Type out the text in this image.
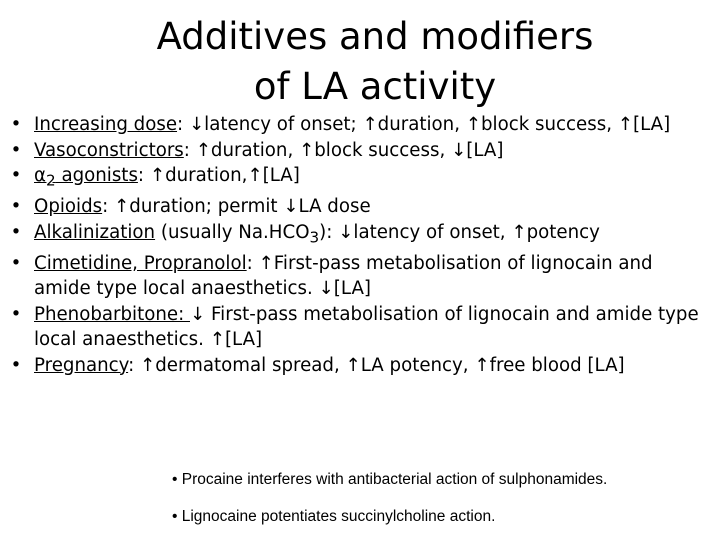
Additives and modifiers
of LA activity
• Increasing dose: ↓latency of onset; ↑duration, ↑block success, ↑[LA]
• Vasoconstrictors: ↑duration, ↑block success, ↓[LA]
• $\alpha_2$ agonists: ↑duration,↑[LA]
• Opioids: ↑duration; permit ↓LA dose
• Alkalinization (usually $Na.HCO_3$): ↓latency of onset, ↑potency
• Cimetidine, Propranolol: ↑First-pass metabolisation of lignocain and amide type local anaesthetics. ↓[LA]
• Phenobarbitone: ↓ First-pass metabolisation of lignocain and amide type local anaesthetics. ↑[LA]
• Pregnancy: ↑dermatomal spread, ↑LA potency, ↑free blood [LA]
• Procaine interferes with antibacterial action of sulphonamides.
• Lignocaine potentiates succinylcholine action.
